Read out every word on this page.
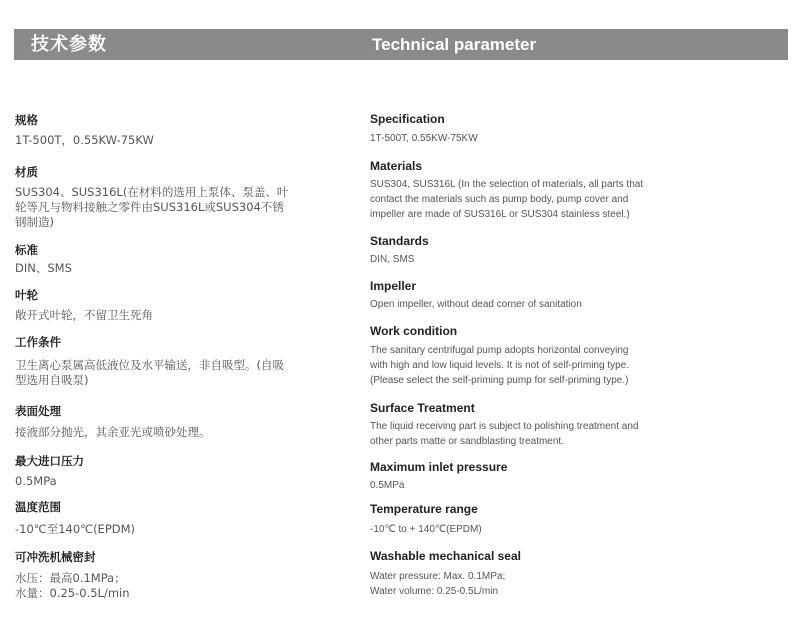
技术参数	Technical parameter

规格

1T-500T，0.55KW-75KW

材质

SUS304、SUS316L(在材料的选用上泵体、泵盖、叶
轮等凡与物料接触之零件由SUS316L或SUS304不锈
钢制造)

标准

DIN、SMS

叶轮

敞开式叶轮，不留卫生死角

工作条件

卫生离心泵属高低液位及水平输送，非自吸型。(自吸
型选用自吸泵)

表面处理

接液部分抛光，其余亚光或喷砂处理。

最大进口压力

0.5MPa

温度范围

-10℃至140℃(EPDM)

可冲洗机械密封

水压：最高0.1MPa；
水量：0.25-0.5L/min

Specification

1T-500T, 0.55KW-75KW

Materials

SUS304, SUS316L (In the selection of materials, all parts that
contact the materials such as pump body, pump cover and
impeller are made of SUS316L or SUS304 stainless steel.)

Standards

DIN, SMS

Impeller

Open impeller, without dead corner of sanitation

Work condition

The sanitary centrifugal pump adopts horizontal conveying
with high and low liquid levels. It is not of self-priming type.
(Please select the self-priming pump for self-priming type.)

Surface Treatment

The liquid receiving part is subject to polishing treatment and
other parts matte or sandblasting treatment.

Maximum inlet pressure

0.5MPa

Temperature range

-10℃ to + 140℃(EPDM)

Washable mechanical seal

Water pressure: Max. 0.1MPa;
Water volume: 0.25-0.5L/min
